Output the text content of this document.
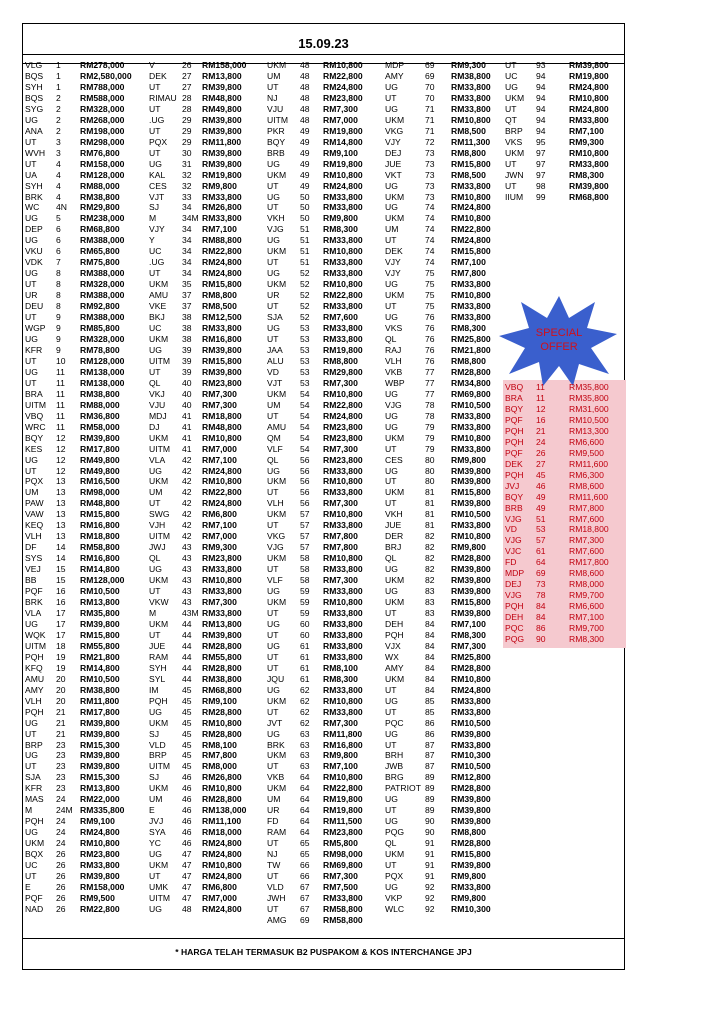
15.09.23
SPECIAL
OFFER
VLG 1 RM278,000
BQS 1 RM2,580,000
SYH 1 RM788,000
BQS 2 RM588,000
SYG 2 RM328,000
UG 2 RM268,000
ANA 2 RM198,000
UT 3 RM298,000
WVH 3 RM76,800
UT 4 RM158,000
UA 4 RM128,000
SYH 4 RM88,000
BRK 4 RM38,800
WC 4N RM29,800
UG 5 RM238,000
DEP 6 RM68,800
UG 6 RM388,000
VKU 6 RM65,800
VDK 7 RM75,800
UG 8 RM388,000
UT 8 RM328,000
UR 8 RM388,000
DEU 8 RM92,800
UT 9 RM388,000
WGP 9 RM85,800
UG 9 RM328,000
KFR 9 RM78,800
UT 10 RM128,000
UG 11 RM138,000
UT 11 RM138,000
BRA 11 RM38,800
UITM 11 RM88,000
VBQ 11 RM36,800
WRC 11 RM58,000
BQY 12 RM39,800
KES 12 RM17,800
UG 12 RM49,800
UT 12 RM49,800
PQX 13 RM16,500
UM 13 RM98,000
PAW 13 RM48,800
VAW 13 RM15,800
KEQ 13 RM16,800
VLH 13 RM18,800
DF 14 RM58,800
SYS 14 RM16,800
VEJ 15 RM14,800
BB 15 RM128,000
PQF 16 RM10,500
BRK 16 RM13,800
VLA 17 RM35,800
UG 17 RM39,800
WQK 17 RM15,800
UITM 18 RM55,800
PQH 19 RM21,800
KFQ 19 RM14,800
AMU 20 RM10,500
AMY 20 RM38,800
VLH 20 RM11,800
PQH 21 RM17,800
UG 21 RM39,800
UT 21 RM39,800
BRP 23 RM15,300
UG 23 RM39,800
UT 23 RM39,800
SJA 23 RM15,300
KFR 23 RM13,800
MAS 24 RM22,000
M	24M RM335,800
PQH 24 RM9,100
UG 24 RM24,800
UKM 24 RM10,800
BQX 26 RM23,800
UC 26 RM33,800
UT 26 RM39,800
E	26 RM158,000
PQF 26 RM9,500
NAD 26 RM22,800
V	26 RM158,000
DEK 27 RM13,800
UT	27 RM39,800
RIMAU 28 RM48,800
UT	28 RM49,800
.UG 29 RM39,800
UT	29 RM39,800
PQX 29 RM11,800
UT	30 RM39,800
UG 31 RM39,800
KAL 32 RM19,800
CES 32 RM9,800
VJT 33 RM33,800
SJ	34 RM26,800
M	34M RM33,800
VJY 34 RM7,100
Y	34 RM88,800
UC 34 RM22,800
.UG 34 RM24,800
UT	34 RM24,800
UKM 35 RM15,800
AMU 37 RM8,800
VKE 37 RM8,500
BKJ 38 RM12,500
UC 38 RM33,800
UKM 38 RM16,800
UG 39 RM39,800
UITM 39 RM15,800
UT	39 RM39,800
QL	40 RM23,800
VKJ 40 RM7,300
VJU 40 RM7,300
MDJ 41 RM18,800
DJ	41 RM48,800
UKM 41 RM10,800
UITM 41 RM7,000
VLA 42 RM7,100
UG 42 RM24,800
UKM 42 RM10,800
UM 42 RM22,800
UT	42 RM24,800
SWG 42 RM6,800
VJH 42 RM7,100
UITM 42 RM7,000
JWJ 43 RM9,300
QL	43 RM23,800
UG 43 RM33,800
UKM 43 RM10,800
UT	43 RM33,800
VKW 43 RM7,300
M	43M RM33,800
UKM 44 RM13,800
UT	44 RM39,800
JUE 44 RM28,800
RAM 44 RM55,800
SYH 44 RM28,800
SYL 44 RM38,800
IM	45 RM68,800
PQH 45 RM9,100
UG 45 RM28,800
UKM 45 RM10,800
SJ	45 RM28,800
VLD 45 RM8,100
BRP 45 RM7,800
UITM 45 RM8,000
SJ	46 RM26,800
UKM 46 RM10,800
UM 46 RM28,800
E	46 RM138,000
JVJ 46 RM11,100
SYA 46 RM18,000
YC 46 RM24,800
UG 47 RM24,800
UKM 47 RM10,800
UT	47 RM24,800
UMK 47 RM6,800
UITM 47 RM7,000
UG 48 RM24,800
UKM 48 RM10,800
UM 48 RM22,800
UT	48 RM24,800
NJ	48 RM23,800
VJU 48 RM7,300
UITM 48 RM7,000
PKR 49 RM19,800
BQY 49 RM14,800
BRB 49 RM9,100
UG 49 RM19,800
UKM 49 RM10,800
UT	49 RM24,800
UG 50 RM33,800
UT	50 RM33,800
VKH 50 RM9,800
VJG 51 RM8,300
UG 51 RM33,800
UKM 51 RM10,800
UT	51 RM33,800
UG 52 RM33,800
UKM 52 RM10,800
UR 52 RM22,800
UT	52 RM33,800
SJA 52 RM7,600
UG 53 RM33,800
UT	53 RM33,800
JAA 53 RM19,800
ALU 53 RM8,800
VD 53 RM29,800
VJT 53 RM7,300
UKM 54 RM10,800
UM 54 RM22,800
UT	54 RM24,800
AMU 54 RM23,800
QM 54 RM23,800
VLF 54 RM7,300
QL	56 RM23,800
UG 56 RM33,800
UKM 56 RM10,800
UT	56 RM33,800
VLH 56 RM7,300
UKM 57 RM10,800
UT	57 RM33,800
VKG 57 RM7,800
VJG 57 RM7,800
UKM 58 RM10,800
UT	58 RM33,800
VLF 58 RM7,300
UG 59 RM33,800
UKM 59 RM10,800
UT	59 RM33,800
UG 60 RM33,800
UT	60 RM33,800
UG 61 RM33,800
UT	61 RM33,800
UT	61 RM8,100
JQU 61 RM8,300
UG 62 RM33,800
UKM 62 RM10,800
UT	62 RM33,800
JVT 62 RM7,300
UG 63 RM11,800
BRK 63 RM16,800
UKM 63 RM9,800
UT	63 RM7,100
VKB 64 RM10,800
UKM 64 RM22,800
UM 64 RM19,800
UR 64 RM19,800
FD	64 RM11,500
RAM 64 RM23,800
UT	65 RM5,800
NJ	65 RM98,000
TW 66 RM69,800
UT	66 RM7,300
VLD 67 RM7,500
JWH 67 RM33,800
UT	67 RM58,800
AMG 69 RM58,800
MDP 69 RM9,300
AMY 69 RM38,800
UG	70 RM33,800
UT	70 RM33,800
UG	71 RM33,800
UKM 71 RM10,800
VKG	71 RM8,500
VJY	72 RM11,300
DEJ	73 RM8,800
JUE	73 RM15,800
VKT	73 RM8,500
UG	73 RM33,800
UKM 73 RM10,800
UG	74 RM24,800
UKM 74 RM10,800
UM	74 RM22,800
UT	74 RM24,800
DEK	74 RM15,800
VJY	74 RM7,100
VJY	75 RM7,800
UG	75 RM33,800
UKM 75 RM10,800
UT	75 RM33,800
UG	76 RM33,800
VKS	76 RM8,300
QL	76 RM25,800
RAJ	76 RM21,800
VLH	76 RM8,800
VKB	77 RM28,800
WBP 77 RM34,800
UG	77 RM69,800
VJG	78 RM10,500
UG	78 RM33,800
UG	79 RM33,800
UKM 79 RM10,800
UT	79 RM33,800
CES	80 RM9,800
UG	80 RM39,800
UT	80 RM39,800
UKM 81 RM15,800
UT	81 RM39,800
VKH	81 RM10,500
JUE	81 RM33,800
DER	82 RM10,800
BRJ	82 RM9,800
QL	82 RM28,800
UG	82 RM39,800
UKM 82 RM39,800
UG	83 RM39,800
UKM 83 RM15,800
UT	83 RM39,800
DEH	84 RM7,100
PQH 84 RM8,300
VJX	84 RM7,300
WX	84 RM25,800
AMY 84 RM28,800
UKM 84 RM10,800
UT	84 RM24,800
UG	85 RM33,800
UT	85 RM33,800
PQC 86 RM10,500
UG	86 RM39,800
UT	87 RM33,800
BRH	87 RM10,300
JWB	87 RM10,500
BRG 89 RM12,800
PATRIOT 89 RM28,800
UG	89 RM39,800
UT	89 RM39,800
UG	90 RM39,800
PQG 90 RM8,800
QL	91 RM28,800
UKM 91 RM15,800
UT	91 RM39,800
PQX	91 RM9,800
UG	92 RM33,800
VKP	92 RM9,800
WLC 92 RM10,300
UT 93	RM39,800
UC 94	RM19,800
UG 94	RM24,800
UKM 94	RM10,800
UT 94	RM24,800
QT 94	RM33,800
BRP 94	RM7,100
VKS 95	RM9,300
UKM 97	RM10,800
UT 97	RM33,800
JWN 97	RM8,300
UT 98	RM39,800
IIUM 99	RM68,800
VBQ 11	RM35,800
BRA 11	RM35,800
BQY 12	RM31,600
PQF 16	RM10,500
PQH 21	RM13,300
PQH 24	RM6,600
PQF 26	RM9,500
DEK 27	RM11,600
PQH 45	RM6,300
JVJ 46	RM8,600
BQY 49	RM11,600
BRB 49	RM7,800
VJG 51	RM7,600
VD 53	RM18,800
VJG 57	RM7,300
VJC 61	RM7,600
FD 64	RM17,800
MDP 69	RM8,600
DEJ 73	RM8,000
VJG 78	RM9,700
PQH 84	RM6,600
DEH 84	RM7,100
PQC 86	RM9,700
PQG 90	RM8,300
* HARGA TELAH TERMASUK B2 PUSPAKOM & KOS INTERCHANGE JPJ
